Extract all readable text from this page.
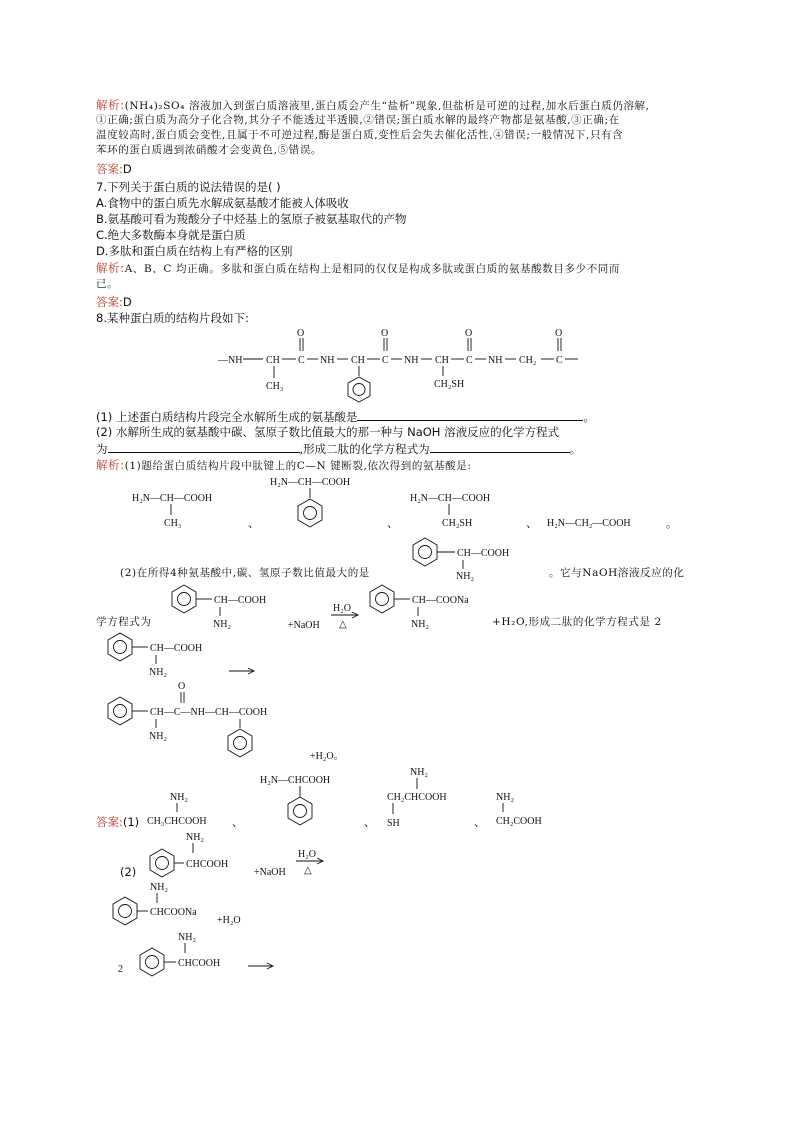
解析:(NH₄)₂SO₄ 溶液加入到蛋白质溶液里,蛋白质会产生“盐析”现象,但盐析是可逆的过程,加水后蛋白质仍溶解,
①正确;蛋白质为高分子化合物,其分子不能透过半透膜,②错误;蛋白质水解的最终产物都是氨基酸,③正确;在
温度较高时,蛋白质会变性,且属于不可逆过程,酶是蛋白质,变性后会失去催化活性,④错误;一般情况下,只有含
苯环的蛋白质遇到浓硝酸才会变黄色,⑤错误。
答案:D
7.下列关于蛋白质的说法错误的是( )
A.食物中的蛋白质先水解成氨基酸才能被人体吸收
B.氨基酸可看为羧酸分子中烃基上的氢原子被氨基取代的产物
C.绝大多数酶本身就是蛋白质
D.多肽和蛋白质在结构上有严格的区别
解析:A、B、C 均正确。多肽和蛋白质在结构上是相同的仅仅是构成多肽或蛋白质的氨基酸数目多少不同而
已。
答案:D
8.某种蛋白质的结构片段如下:
—NH CH C
O
NH CH C
O
NH CH C
O
NH CH₂ C
O
CH₃	CH₂SH
H₂N—CH—COOH
CH₃
H₂N—CH—COOH
H₂N—CH—COOH
CH₂SH	H₂N—CH₂—COOH
CH—COOH
NH₂
CH—COOH
NH₂	+NaOH
H₂O
△
CH—COONa
NH₂
CH—COOH
NH₂
CH—C—NH—CH—COOH
O
NH₂
+H₂O。
NH₂
CH₃CHCOOH
H₂N—CHCOOH
NH₂
CH₂CHCOOH
SH
NH₂
CH₂COOH
NH₂
CHCOOH
+NaOH
H₂O
△
NH₂
CHCOONa
+H₂O
2
NH₂
CHCOOH
(1) 上述蛋白质结构片段完全水解所生成的氨基酸是	。
(2) 水解所生成的氨基酸中碳、氢原子数比值最大的那一种与 NaOH 溶液反应的化学方程式
为	,形成二肽的化学方程式为	。
解析:(1)题给蛋白质结构片段中肽键上的C—N 键断裂,依次得到的氨基酸是:
、	、	、	。
(2)在所得4种氨基酸中,碳、氢原子数比值最大的是	。它与NaOH溶液反应的化
学方程式为	+H₂O,形成二肽的化学方程式是 2
答案:(1)	、	、	、
(2)
